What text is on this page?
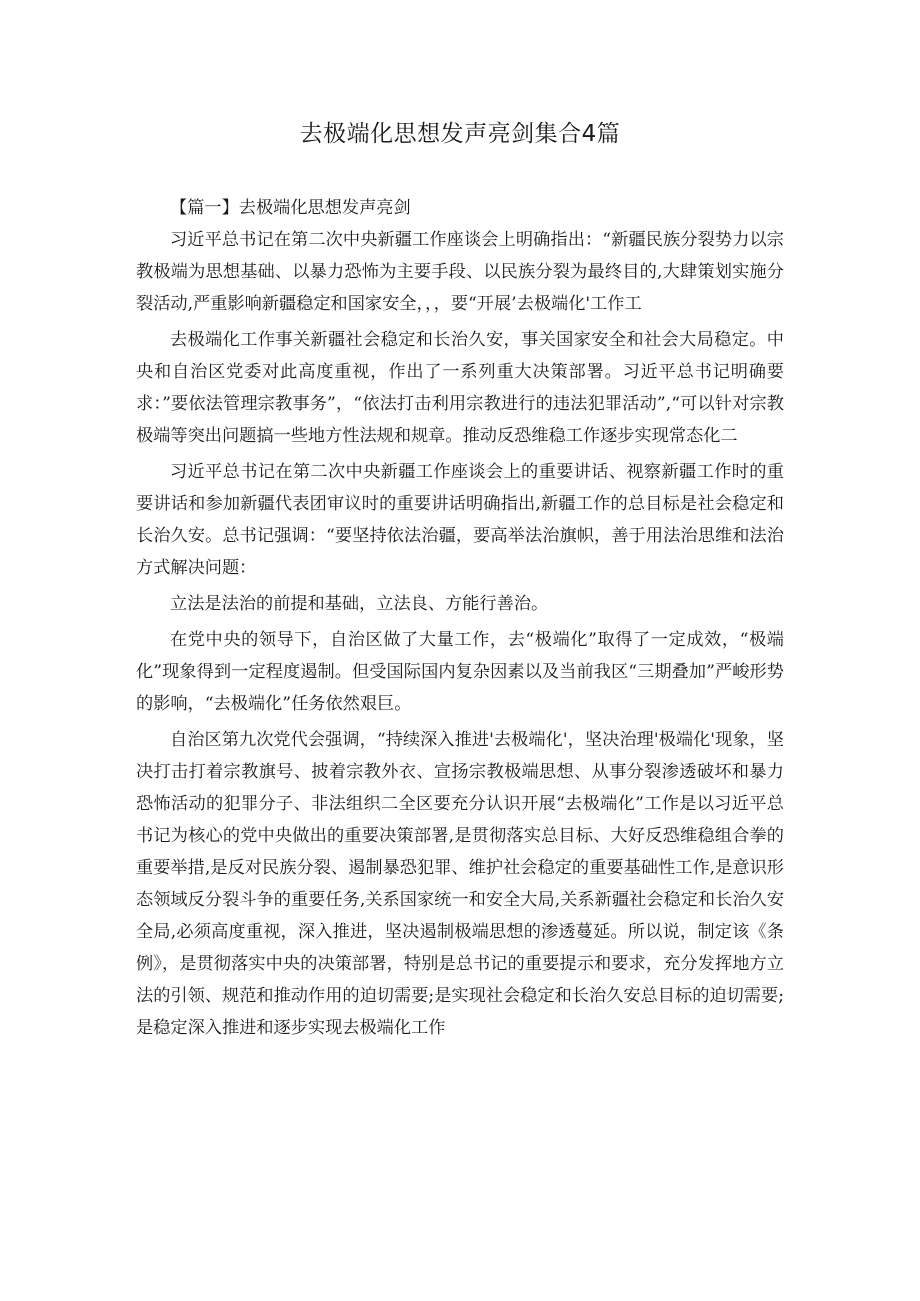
去极端化思想发声亮剑集合4篇

【篇一】去极端化思想发声亮剑

习近平总书记在第二次中央新疆工作座谈会上明确指出：“新疆民族分裂势力以宗教极端为思想基础、以暴力恐怖为主要手段、以民族分裂为最终目的,大肆策划实施分裂活动,严重影响新疆稳定和国家安全，，，要“开展’去极端化'工作工

去极端化工作事关新疆社会稳定和长治久安，事关国家安全和社会大局稳定。中央和自治区党委对此高度重视，作出了一系列重大决策部署。习近平总书记明确要求：”要依法管理宗教事务”，“依法打击利用宗教进行的违法犯罪活动”,“可以针对宗教极端等突出问题搞一些地方性法规和规章。推动反恐维稳工作逐步实现常态化二

习近平总书记在第二次中央新疆工作座谈会上的重要讲话、视察新疆工作时的重要讲话和参加新疆代表团审议时的重要讲话明确指出,新疆工作的总目标是社会稳定和长治久安。总书记强调：“要坚持依法治疆，要高举法治旗帜，善于用法治思维和法治方式解决问题：

立法是法治的前提和基础，立法良、方能行善治。

在党中央的领导下，自治区做了大量工作，去“极端化”取得了一定成效，“极端化”现象得到一定程度遏制。但受国际国内复杂因素以及当前我区“三期叠加”严峻形势的影响，“去极端化”任务依然艰巨。

自治区第九次党代会强调，“持续深入推进'去极端化'，坚决治理'极端化'现象，坚决打击打着宗教旗号、披着宗教外衣、宣扬宗教极端思想、从事分裂渗透破坏和暴力恐怖活动的犯罪分子、非法组织二全区要充分认识开展“去极端化”工作是以习近平总书记为核心的党中央做出的重要决策部署,是贯彻落实总目标、大好反恐维稳组合拳的重要举措,是反对民族分裂、遏制暴恐犯罪、维护社会稳定的重要基础性工作,是意识形态领域反分裂斗争的重要任务,关系国家统一和安全大局,关系新疆社会稳定和长治久安全局,必须高度重视，深入推进，坚决遏制极端思想的渗透蔓延。所以说，制定该《条例》，是贯彻落实中央的决策部署，特别是总书记的重要提示和要求，充分发挥地方立法的引领、规范和推动作用的迫切需要;是实现社会稳定和长治久安总目标的迫切需要;是稳定深入推进和逐步实现去极端化工作
